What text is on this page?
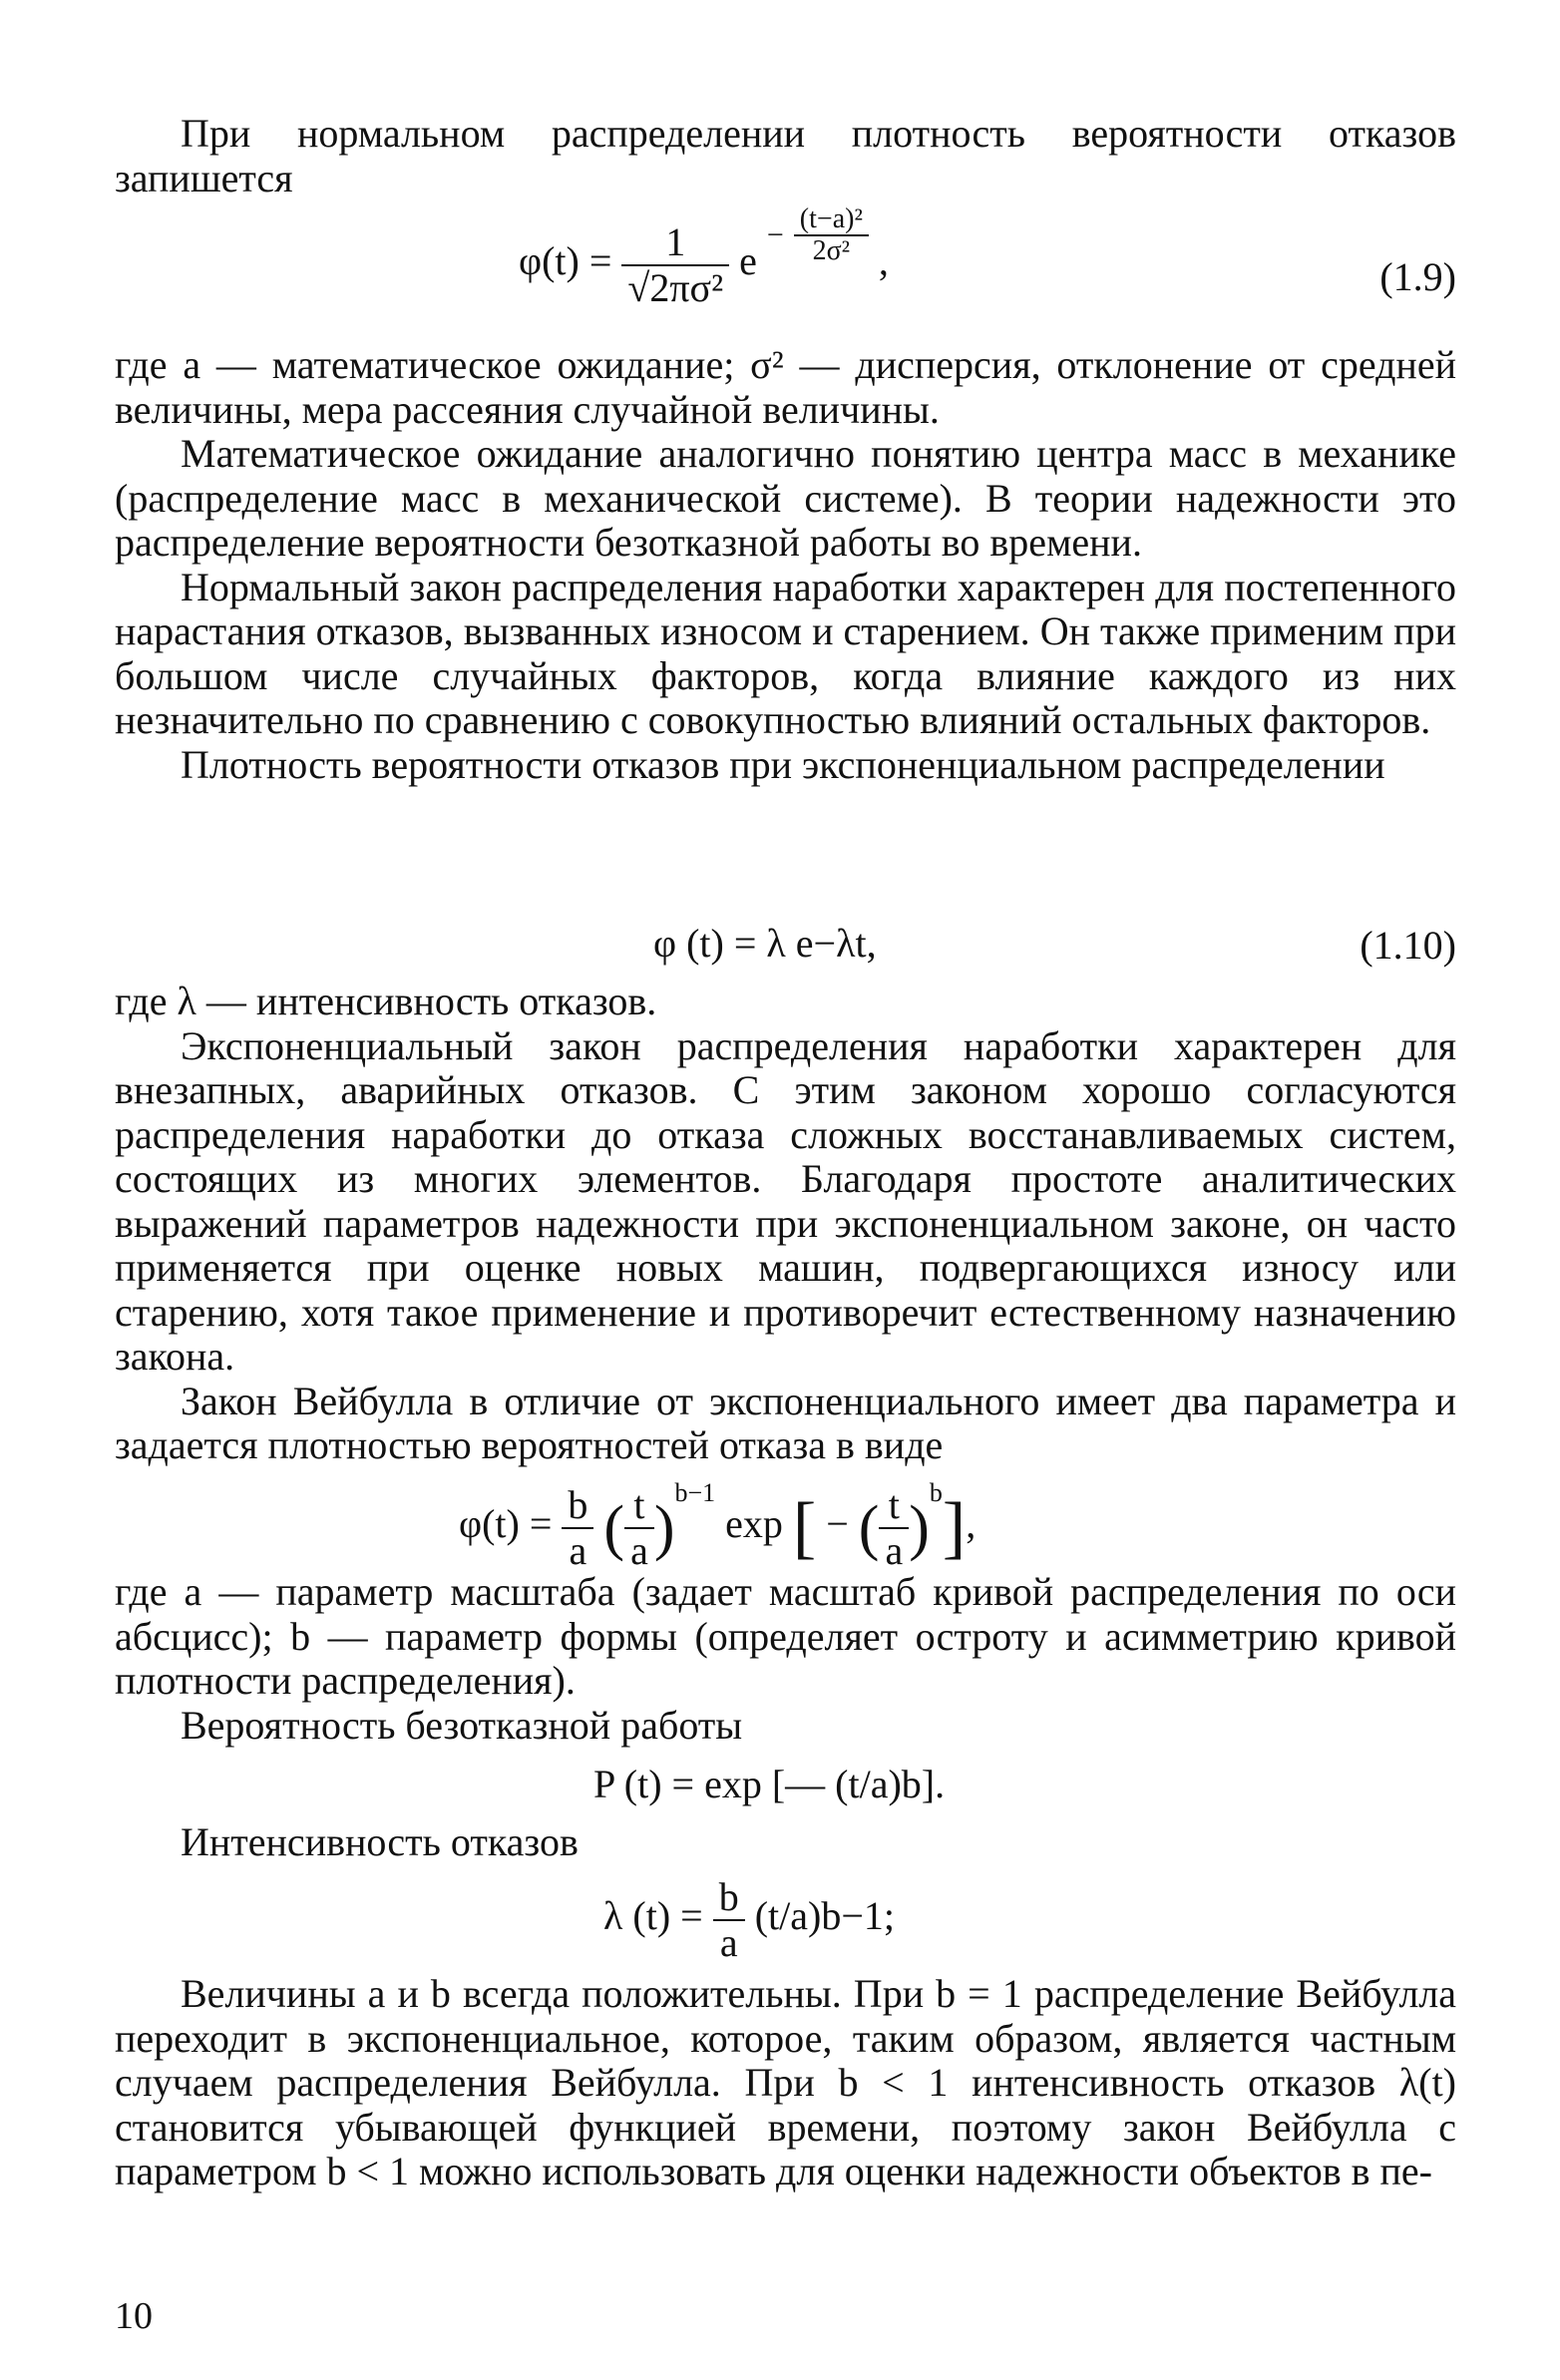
При нормальном распределении плотность вероятности отказов запишется

$\varphi(t) = \frac{1}{\text{√2πσ²}}$ $e - \frac{\text{(t−a)²}}{\text{2σ²}}$ ,	(1.9)

где a — математическое ожидание; σ² — дисперсия, отклонение от средней величины, мера рассеяния случайной величины.

Математическое ожидание аналогично понятию центра масс в механике (распределение масс в механической системе). В теории надежности это распределение вероятности безотказной работы во времени.

Нормальный закон распределения наработки характерен для постепенного нарастания отказов, вызванных износом и старением. Он также применим при большом числе случайных факторов, когда влияние каждого из них незначительно по сравнению с совокупностью влияний остальных факторов.

Плотность вероятности отказов при экспоненциальном распределении

φ (t) = λ e−λt,	(1.10)

где λ — интенсивность отказов.

Экспоненциальный закон распределения наработки характерен для внезапных, аварийных отказов. С этим законом хорошо согласуются распределения наработки до отказа сложных восстанавливаемых систем, состоящих из многих элементов. Благодаря простоте аналитических выражений параметров надежности при экспоненциальном законе, он часто применяется при оценке новых машин, подвергающихся износу или старению, хотя такое применение и противоречит естественному назначению закона.

Закон Вейбулла в отличие от экспоненциального имеет два параметра и задается плотностью вероятностей отказа в виде

$\varphi(t) = \frac{b}{a}$ ( $\frac{t}{a} )^{b-1}$ exp [ − ( $\frac{t}{a} )^b$],

где a — параметр масштаба (задает масштаб кривой распределения по оси абсцисс); b — параметр формы (определяет остроту и асимметрию кривой плотности распределения).

Вероятность безотказной работы

P (t) = exp [— (t/a)b].

Интенсивность отказов

λ $(t) = \frac{b}{a} (t/a)b-1$;

Величины a и b всегда положительны. При b = 1 распределение Вейбулла переходит в экспоненциальное, которое, таким образом, является частным случаем распределения Вейбулла. При b < 1 интенсивность отказов λ(t) становится убывающей функцией времени, поэтому закон Вейбулла с параметром b < 1 можно использовать для оценки надежности объектов в пе-

10
